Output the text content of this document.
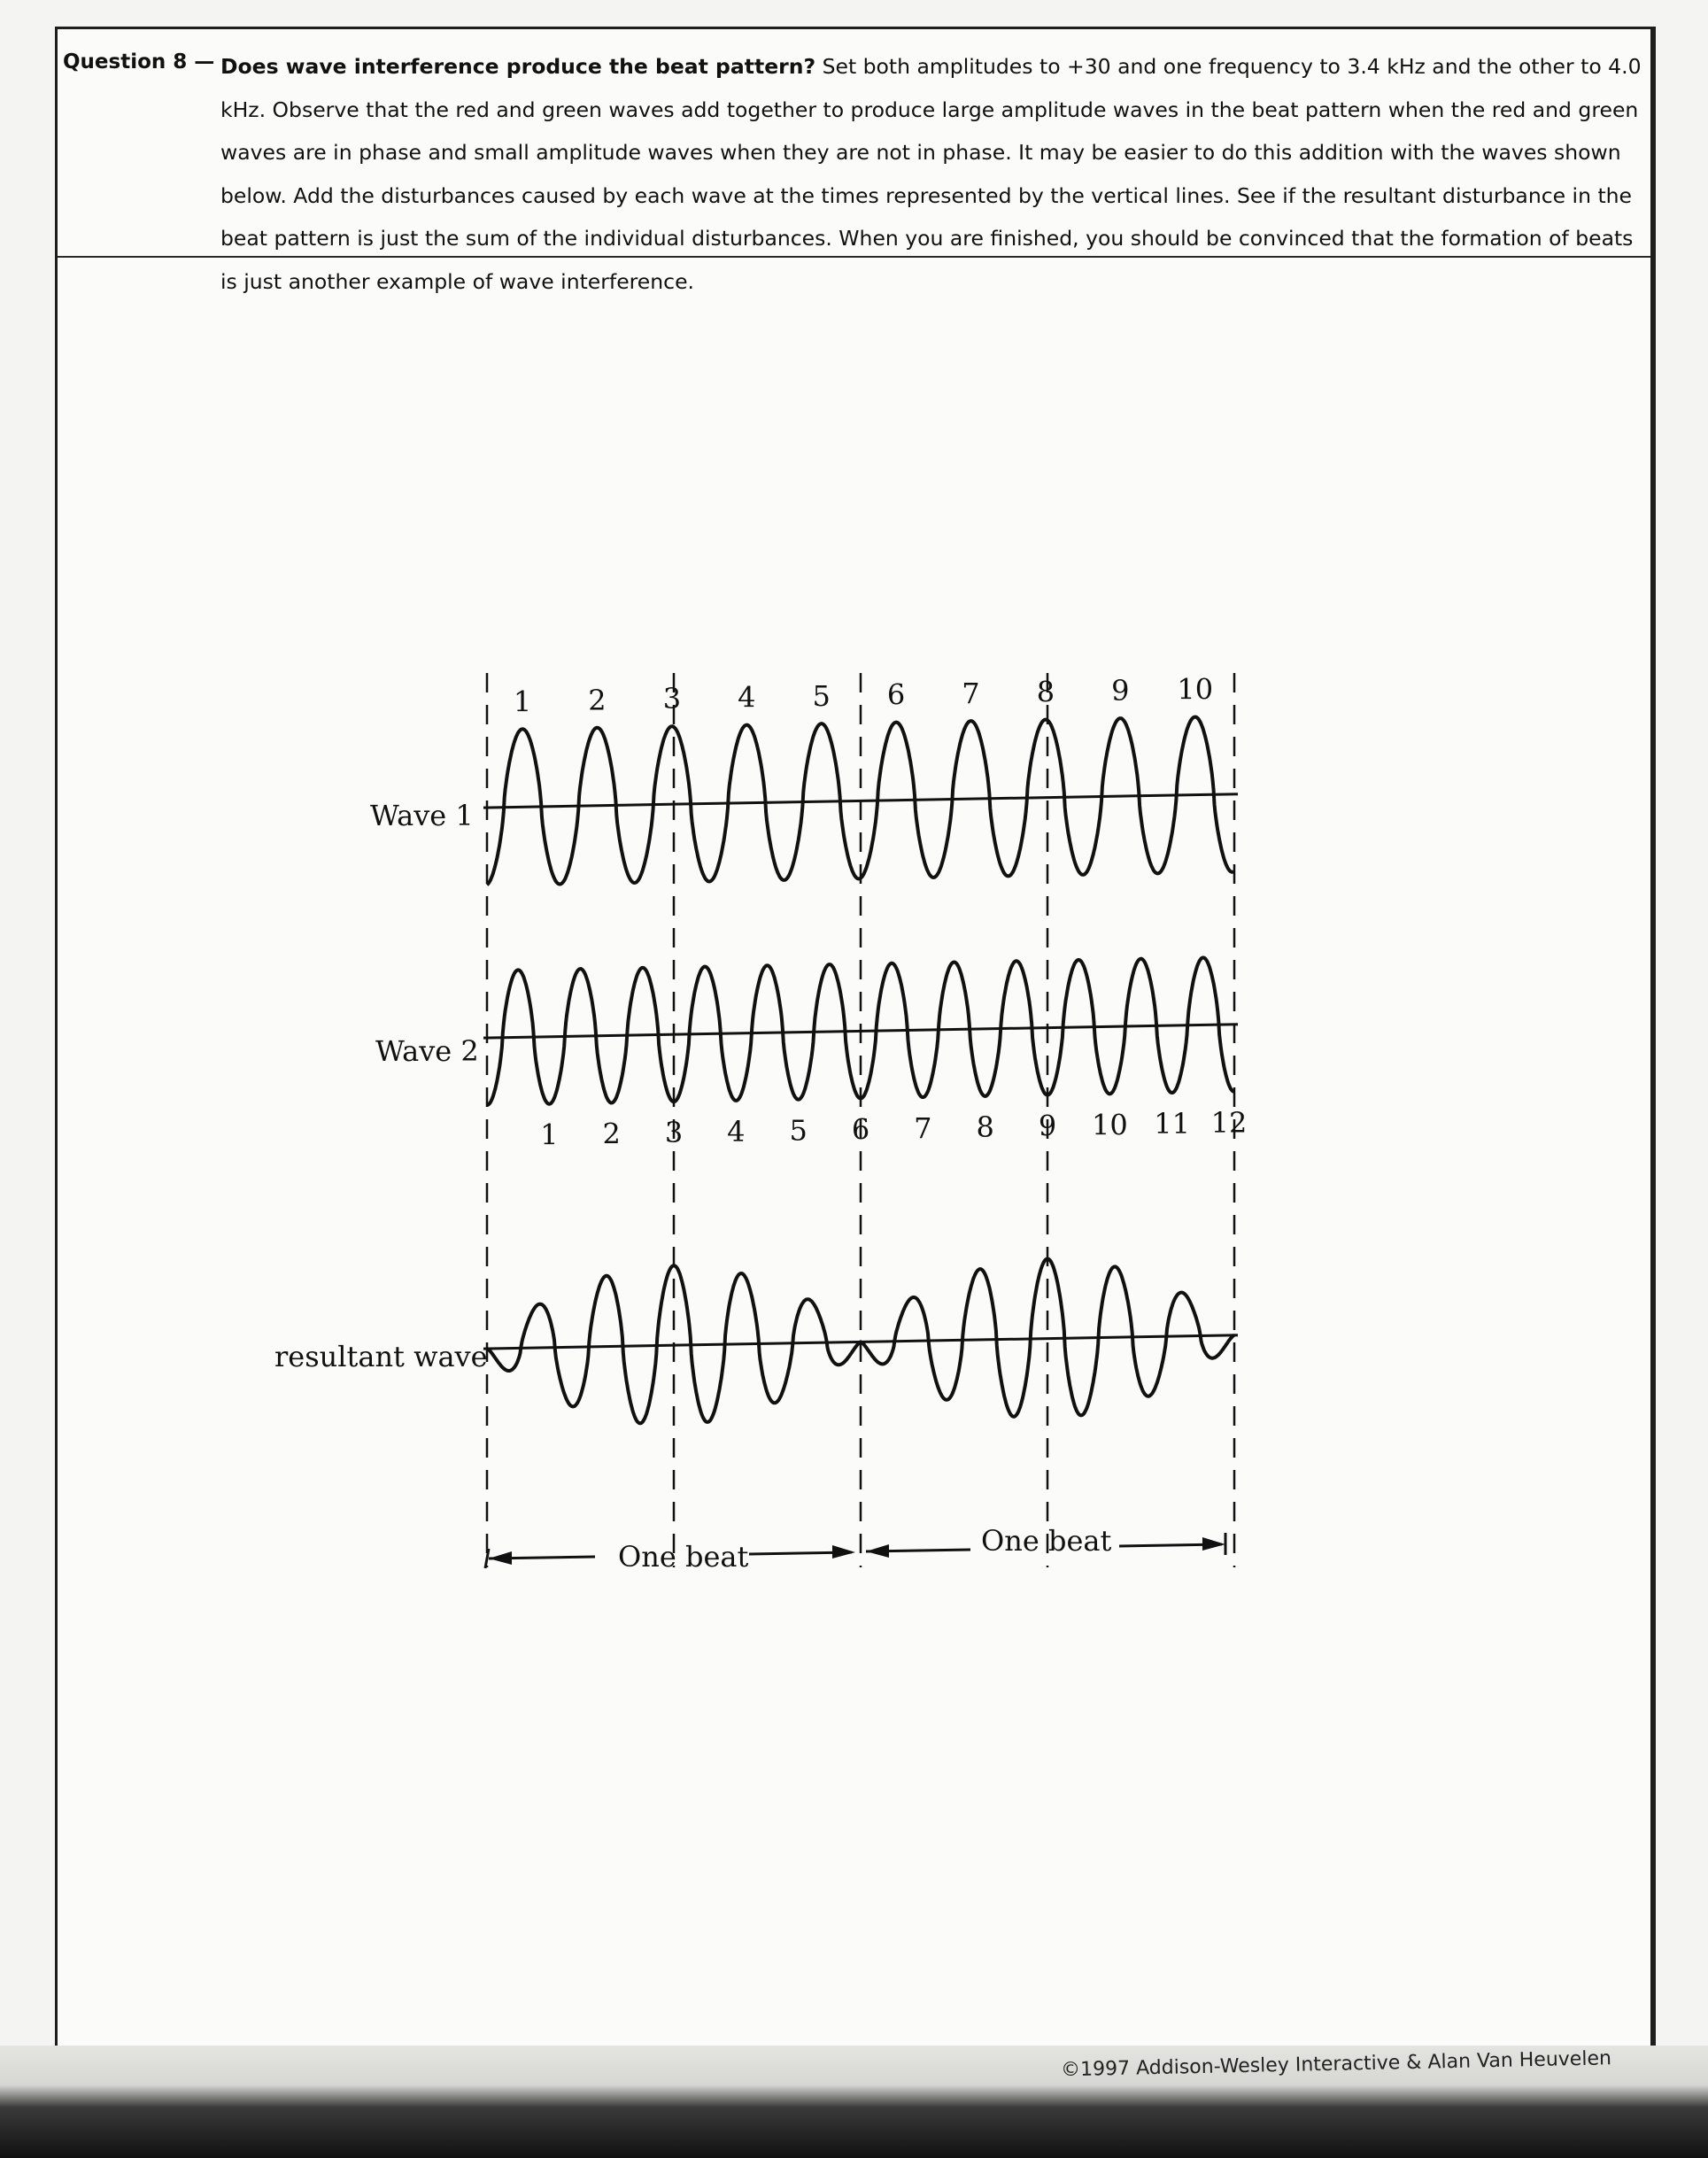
Question 8 — Does wave interference produce the beat pattern? Set both amplitudes to +30 and one frequency to 3.4 kHz and the other to 4.0 kHz. Observe that the red and green waves add together to produce large amplitude waves in the beat pattern when the red and green waves are in phase and small amplitude waves when they are not in phase. It may be easier to do this addition with the waves shown below. Add the disturbances caused by each wave at the times represented by the vertical lines. See if the resultant disturbance in the beat pattern is just the sum of the individual disturbances. When you are finished, you should be convinced that the formation of beats is just another example of wave interference.
1 2 3 4 5 6 7 8 9 10
1 2 3 4 5 6 7 8 9 10 11 12
Wave 1
Wave 2
resultant wave
One beat	One beat
©1997 Addison-Wesley Interactive & Alan Van Heuvelen
